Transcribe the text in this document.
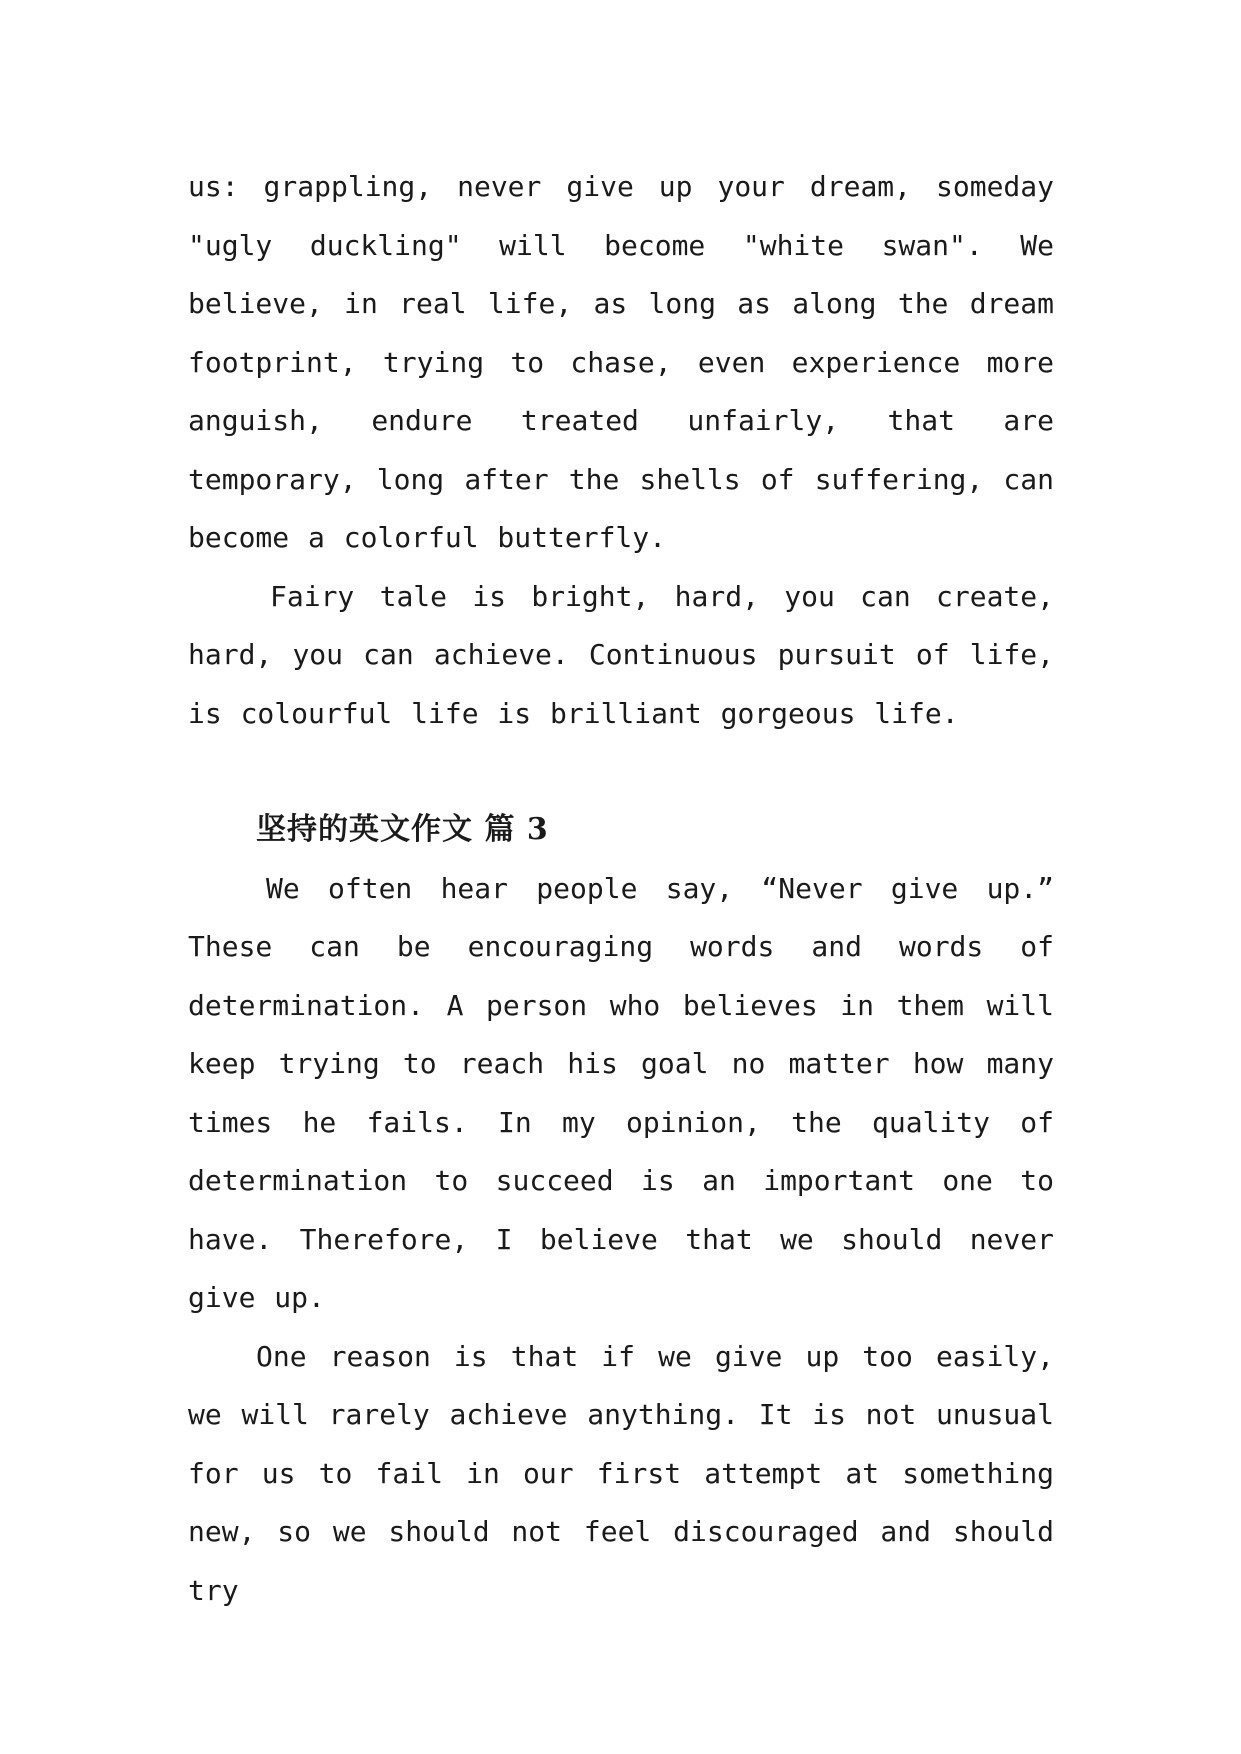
us: grappling, never give up your dream, someday "ugly duckling" will become "white swan". We believe, in real life, as long as along the dream footprint, trying to chase, even experience more anguish, endure treated unfairly, that are temporary, long after the shells of suffering, can become a colorful butterfly.

Fairy tale is bright, hard, you can create, hard, you can achieve. Continuous pursuit of life, is colourful life is brilliant gorgeous life.

坚持的英文作文 篇 3

We often hear people say, “Never give up.” These can be encouraging words and words of determination. A person who believes in them will keep trying to reach his goal no matter how many times he fails. In my opinion, the quality of determination to succeed is an important one to have. Therefore, I believe that we should never give up.

One reason is that if we give up too easily, we will rarely achieve anything. It is not unusual for us to fail in our first attempt at something new, so we should not feel discouraged and should try
